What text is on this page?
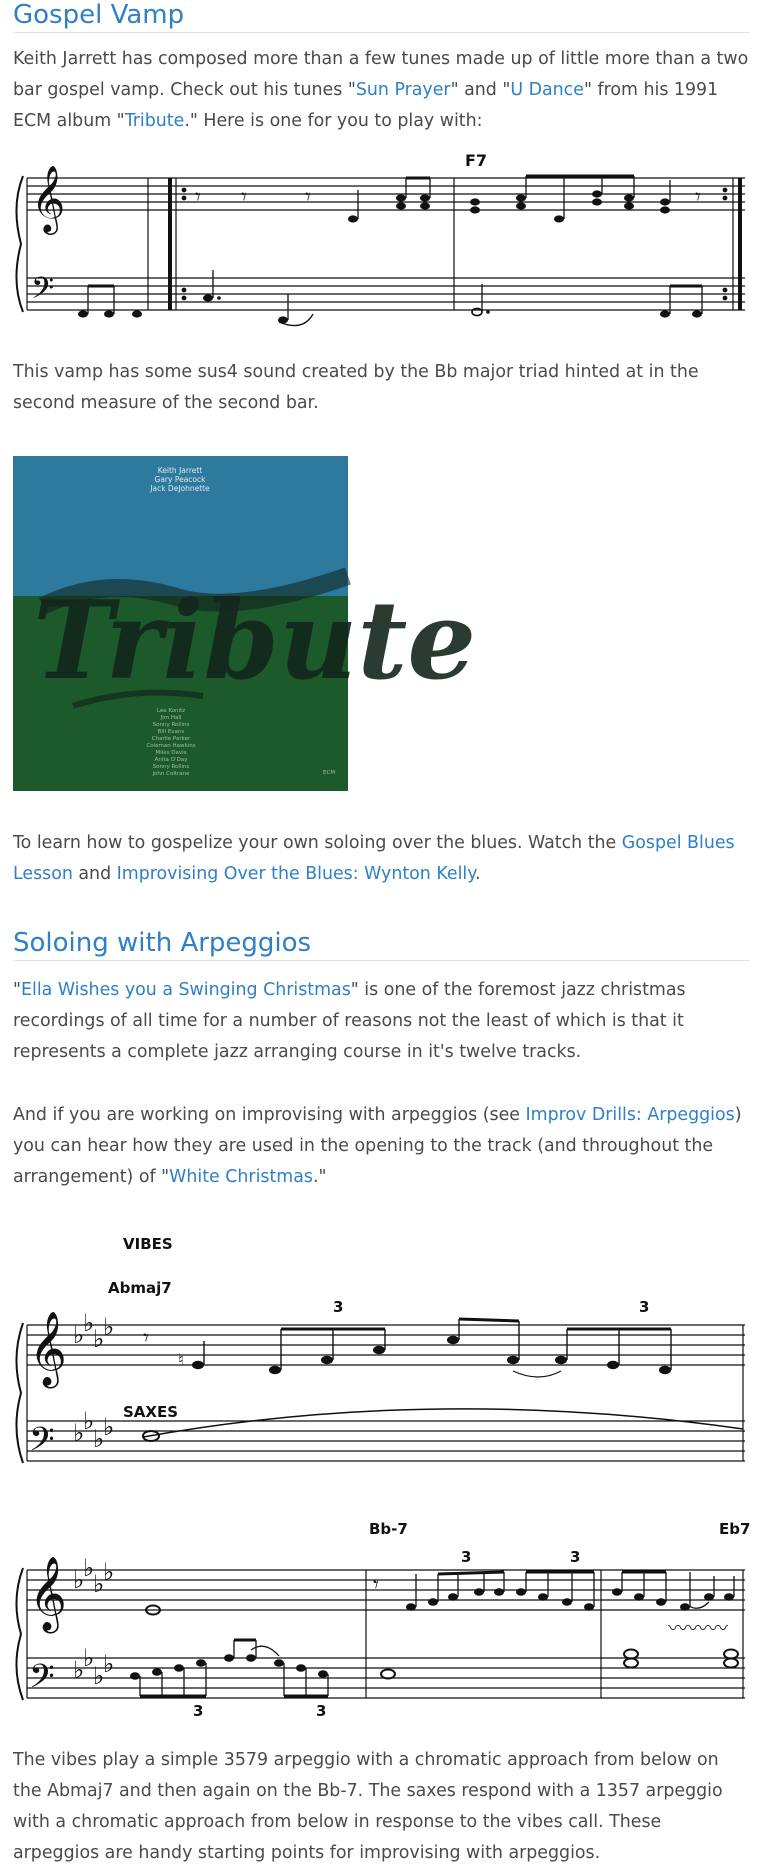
Gospel Vamp

Keith Jarrett has composed more than a few tunes made up of little more than a two bar gospel vamp. Check out his tunes "Sun Prayer" and "U Dance" from his 1991 ECM album "Tribute." Here is one for you to play with:

𝄞
𝄢
𝄾 𝄾	𝄾	𝄾
F7

This vamp has some sus4 sound created by the Bb major triad hinted at in the second measure of the second bar.

Tribute
Keith Jarrett
Gary Peacock
Jack DeJohnette
Lee Konitz
Jim Hall
Sonny Rollins
Bill Evans
Charlie Parker
Coleman Hawkins
Miles Davis
Anita O'Day
Sonny Rollins
John Coltrane	ECM

To learn how to gospelize your own soloing over the blues. Watch the Gospel Blues Lesson and Improvising Over the Blues: Wynton Kelly.

Soloing with Arpeggios

"Ella Wishes you a Swinging Christmas" is one of the foremost jazz christmas recordings of all time for a number of reasons not the least of which is that it represents a complete jazz arranging course in it's twelve tracks.

And if you are working on improvising with arpeggios (see Improv Drills: Arpeggios) you can hear how they are used in the opening to the track (and throughout the arrangement) of "White Christmas."

VIBES
Abmaj7
3	3
SAXES
𝄞
𝄢
♭
♭
♭
♭
♭
♭
♭
♭
♮
𝄾
Bb-7	Eb7
3	3
3	3
𝄞
𝄢
♭
♭
♭
♭
♭
♭
♭
♭
𝄾
〰〰〰

The vibes play a simple 3579 arpeggio with a chromatic approach from below on the Abmaj7 and then again on the Bb-7. The saxes respond with a 1357 arpeggio with a chromatic approach from below in response to the vibes call. These arpeggios are handy starting points for improvising with arpeggios.
